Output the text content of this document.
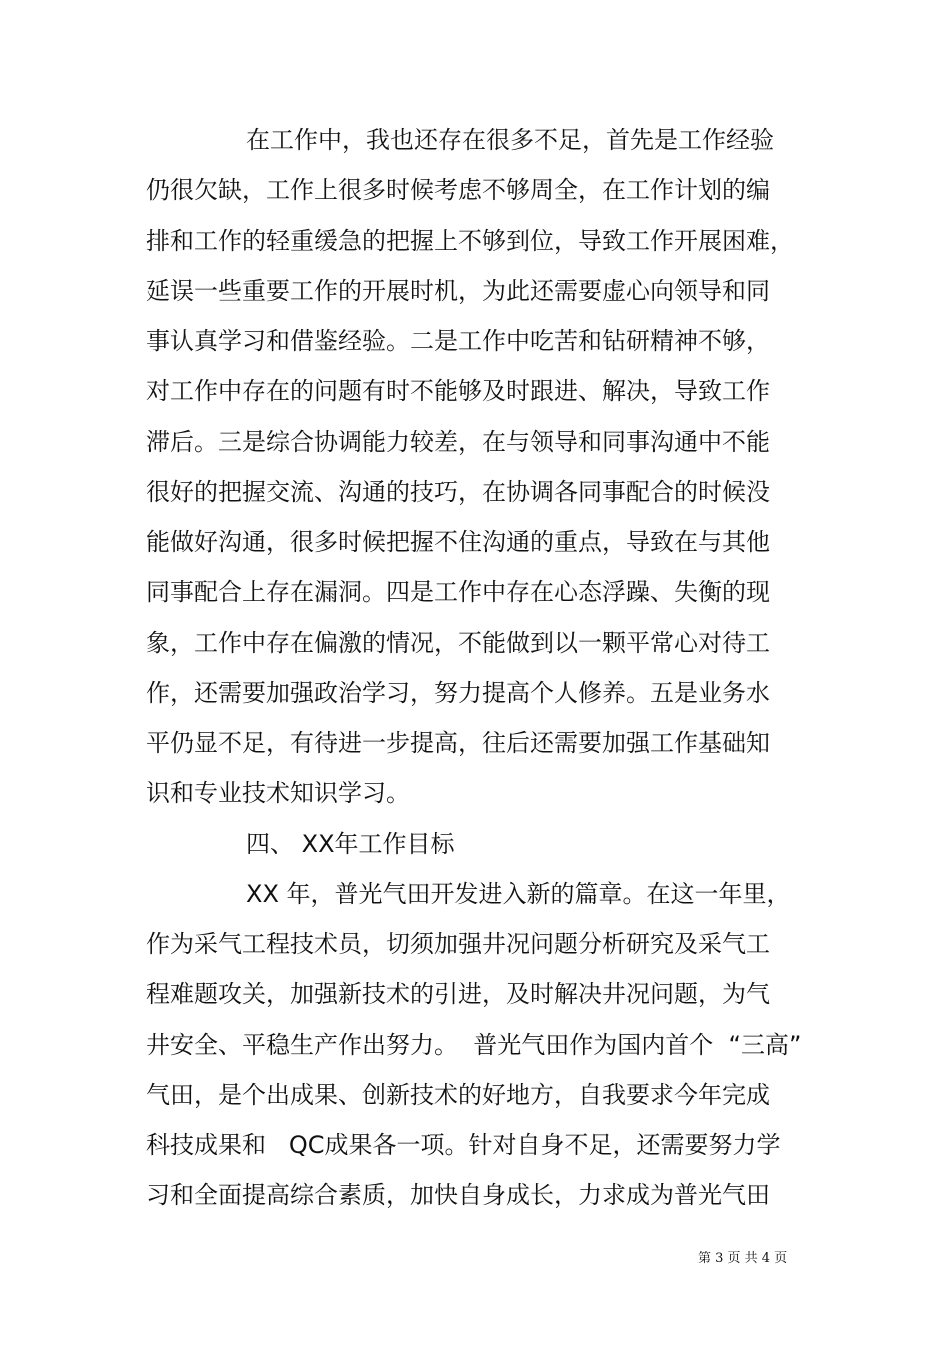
在工作中，我也还存在很多不足，首先是工作经验
仍很欠缺，工作上很多时候考虑不够周全，在工作计划的编
排和工作的轻重缓急的把握上不够到位，导致工作开展困难，
延误一些重要工作的开展时机，为此还需要虚心向领导和同
事认真学习和借鉴经验。二是工作中吃苦和钻研精神不够，
对工作中存在的问题有时不能够及时跟进、解决，导致工作
滞后。三是综合协调能力较差，在与领导和同事沟通中不能
很好的把握交流、沟通的技巧，在协调各同事配合的时候没
能做好沟通，很多时候把握不住沟通的重点，导致在与其他
同事配合上存在漏洞。四是工作中存在心态浮躁、失衡的现
象，工作中存在偏激的情况，不能做到以一颗平常心对待工
作，还需要加强政治学习，努力提高个人修养。五是业务水
平仍显不足，有待进一步提高，往后还需要加强工作基础知
识和专业技术知识学习。
四、 XX年工作目标
XX 年，普光气田开发进入新的篇章。在这一年里，
作为采气工程技术员，切须加强井况问题分析研究及采气工
程难题攻关，加强新技术的引进，及时解决井况问题，为气
井安全、平稳生产作出努力。  普光气田作为国内首个  “三高”
气田，是个出成果、创新技术的好地方，自我要求今年完成
科技成果和   QC成果各一项。针对自身不足，还需要努力学
习和全面提高综合素质，加快自身成长，力求成为普光气田
第 3 页 共 4 页
